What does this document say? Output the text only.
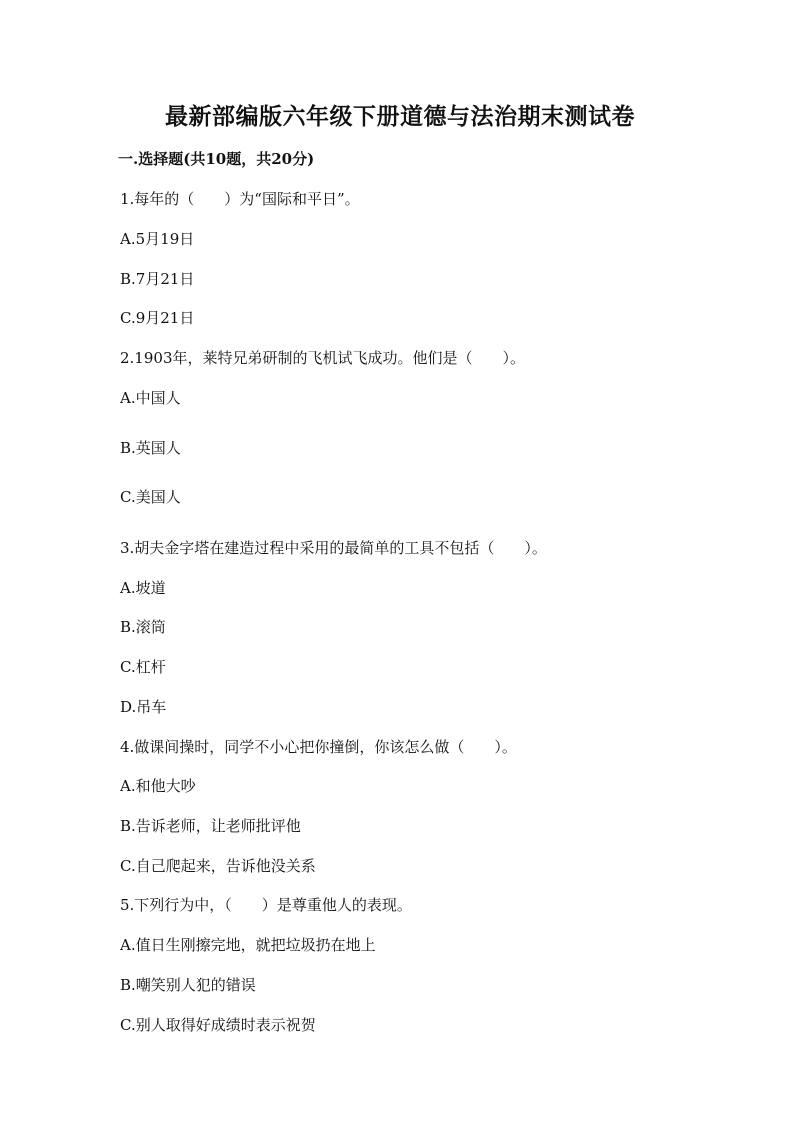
最新部编版六年级下册道德与法治期末测试卷
一.选择题(共10题，共20分)
1.每年的（　　）为“国际和平日”。
A.5月19日
B.7月21日
C.9月21日
2.1903年，莱特兄弟研制的飞机试飞成功。他们是（　　）。
A.中国人
B.英国人
C.美国人
3.胡夫金字塔在建造过程中采用的最简单的工具不包括（　　）。
A.坡道
B.滚筒
C.杠杆
D.吊车
4.做课间操时，同学不小心把你撞倒，你该怎么做（　　）。
A.和他大吵
B.告诉老师，让老师批评他
C.自己爬起来，告诉他没关系
5.下列行为中，（　　）是尊重他人的表现。
A.值日生刚擦完地，就把垃圾扔在地上
B.嘲笑别人犯的错误
C.别人取得好成绩时表示祝贺
